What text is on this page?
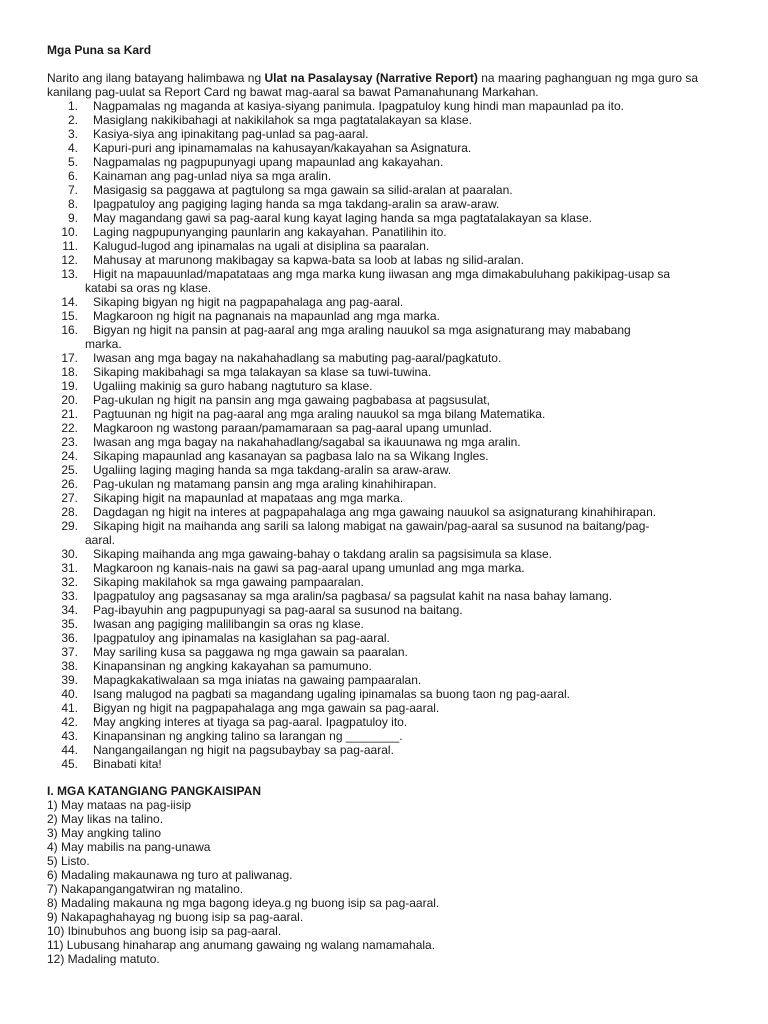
Mga Puna sa Kard
Narito ang ilang batayang halimbawa ng Ulat na Pasalaysay (Narrative Report) na maaring paghanguan ng mga guro sa kanilang pag-uulat sa Report Card ng bawat mag-aaral sa bawat Pamanahunang Markahan.
1. Nagpamalas ng maganda at kasiya-siyang panimula. Ipagpatuloy kung hindi man mapaunlad pa ito.
2. Masiglang nakikibahagi at nakikilahok sa mga pagtatalakayan sa klase.
3. Kasiya-siya ang ipinakitang pag-unlad sa pag-aaral.
4. Kapuri-puri ang ipinamamalas na kahusayan/kakayahan sa Asignatura.
5. Nagpamalas ng pagpupunyagi upang mapaunlad ang kakayahan.
6. Kainaman ang pag-unlad niya sa mga aralin.
7. Masigasig sa paggawa at pagtulong sa mga gawain sa silid-aralan at paaralan.
8. Ipagpatuloy ang pagiging laging handa sa mga takdang-aralin sa araw-araw.
9. May magandang gawi sa pag-aaral kung kayat laging handa sa mga pagtatalakayan sa klase.
10. Laging nagpupunyanging paunlarin ang kakayahan. Panatilihin ito.
11. Kalugud-lugod ang ipinamalas na ugali at disiplina sa paaralan.
12. Mahusay at marunong makibagay sa kapwa-bata sa loob at labas ng silid-aralan.
13. Higit na mapauunlad/mapatataas ang mga marka kung iiwasan ang mga dimakabuluhang pakikipag-usap sa
katabi sa oras ng klase.
14. Sikaping bigyan ng higit na pagpapahalaga ang pag-aaral.
15. Magkaroon ng higit na pagnanais na mapaunlad ang mga marka.
16. Bigyan ng higit na pansin at pag-aaral ang mga araling nauukol sa mga asignaturang may mababang
marka.
17. Iwasan ang mga bagay na nakahahadlang sa mabuting pag-aaral/pagkatuto.
18. Sikaping makibahagi sa mga talakayan sa klase sa tuwi-tuwina.
19. Ugaliing makinig sa guro habang nagtuturo sa klase.
20. Pag-ukulan ng higit na pansin ang mga gawaing pagbabasa at pagsusulat,
21. Pagtuunan ng higit na pag-aaral ang mga araling nauukol sa mga bilang Matematika.
22. Magkaroon ng wastong paraan/pamamaraan sa pag-aaral upang umunlad.
23. Iwasan ang mga bagay na nakahahadlang/sagabal sa ikauunawa ng mga aralin.
24. Sikaping mapaunlad ang kasanayan sa pagbasa lalo na sa Wikang Ingles.
25. Ugaliing laging maging handa sa mga takdang-aralin sa araw-araw.
26. Pag-ukulan ng matamang pansin ang mga araling kinahihirapan.
27. Sikaping higit na mapaunlad at mapataas ang mga marka.
28. Dagdagan ng higit na interes at pagpapahalaga ang mga gawaing nauukol sa asignaturang kinahihirapan.
29. Sikaping higit na maihanda ang sarili sa lalong mabigat na gawain/pag-aaral sa susunod na baitang/pag-
aaral.
30. Sikaping maihanda ang mga gawaing-bahay o takdang aralin sa pagsisimula sa klase.
31. Magkaroon ng kanais-nais na gawi sa pag-aaral upang umunlad ang mga marka.
32. Sikaping makilahok sa mga gawaing pampaaralan.
33. Ipagpatuloy ang pagsasanay sa mga aralin/sa pagbasa/ sa pagsulat kahit na nasa bahay lamang.
34. Pag-ibayuhin ang pagpupunyagi sa pag-aaral sa susunod na baitang.
35. Iwasan ang pagiging malilibangin sa oras ng klase.
36. Ipagpatuloy ang ipinamalas na kasiglahan sa pag-aaral.
37. May sariling kusa sa paggawa ng mga gawain sa paaralan.
38. Kinapansinan ng angking kakayahan sa pamumuno.
39. Mapagkakatiwalaan sa mga iniatas na gawaing pampaaralan.
40. Isang malugod na pagbati sa magandang ugaling ipinamalas sa buong taon ng pag-aaral.
41. Bigyan ng higit na pagpapahalaga ang mga gawain sa pag-aaral.
42. May angking interes at tiyaga sa pag-aaral. Ipagpatuloy ito.
43. Kinapansinan ng angking talino sa larangan ng ________.
44. Nangangailangan ng higit na pagsubaybay sa pag-aaral.
45. Binabati kita!
I. MGA KATANGIANG PANGKAISIPAN
1) May mataas na pag-iisip
2) May likas na talino.
3) May angking talino
4) May mabilis na pang-unawa
5) Listo.
6) Madaling makaunawa ng turo at paliwanag.
7) Nakapangangatwiran ng matalino.
8) Madaling makauna ng mga bagong ideya.g ng buong isip sa pag-aaral.
9) Nakapaghahayag ng buong isip sa pag-aaral.
10) Ibinubuhos ang buong isip sa pag-aaral.
11) Lubusang hinaharap ang anumang gawaing ng walang namamahala.
12) Madaling matuto.
